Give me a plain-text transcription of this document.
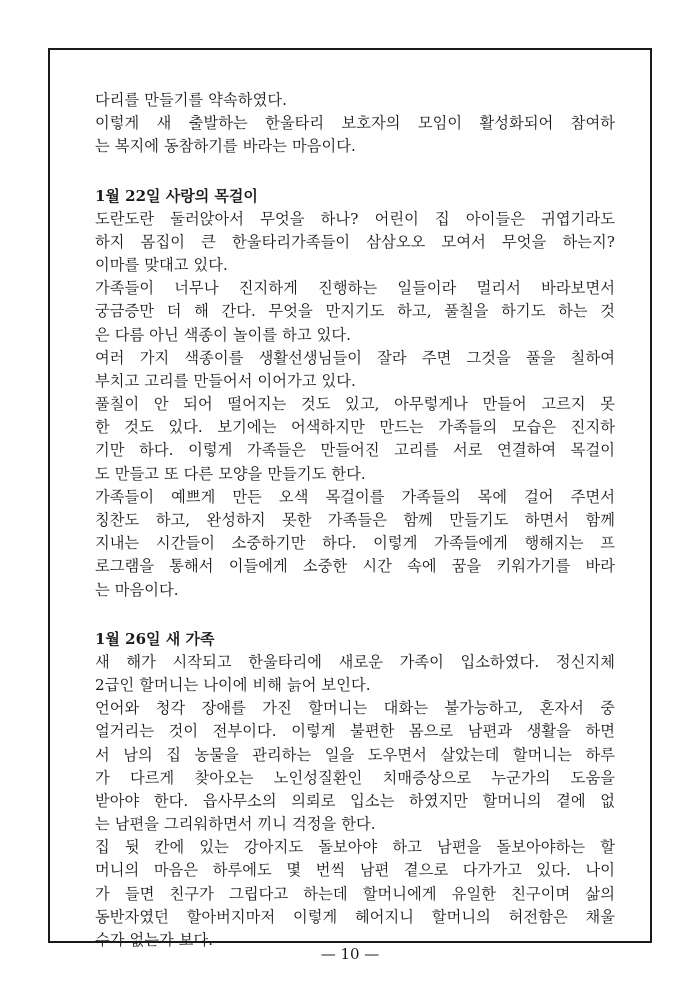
다리를 만들기를 약속하였다.
이렇게 새 출발하는 한울타리 보호자의 모임이 활성화되어 참여하
는 복지에 동참하기를 바라는 마음이다.
1월 22일 사랑의 목걸이
도란도란 둘러앉아서 무엇을 하나? 어린이 집 아이들은 귀엽기라도
하지 몸집이 큰 한울타리가족들이 삼삼오오 모여서 무엇을 하는지?
이마를 맞대고 있다.
가족들이 너무나 진지하게 진행하는 일들이라 멀리서 바라보면서
궁금증만 더 해 간다. 무엇을 만지기도 하고, 풀칠을 하기도 하는 것
은 다름 아닌 색종이 놀이를 하고 있다.
여러 가지 색종이를 생활선생님들이 잘라 주면 그것을 풀을 칠하여
부치고 고리를 만들어서 이어가고 있다.
풀칠이 안 되어 떨어지는 것도 있고, 아무렇게나 만들어 고르지 못
한 것도 있다. 보기에는 어색하지만 만드는 가족들의 모습은 진지하
기만 하다. 이렇게 가족들은 만들어진 고리를 서로 연결하여 목걸이
도 만들고 또 다른 모양을 만들기도 한다.
가족들이 예쁘게 만든 오색 목걸이를 가족들의 목에 걸어 주면서
칭찬도 하고, 완성하지 못한 가족들은 함께 만들기도 하면서 함께
지내는 시간들이 소중하기만 하다. 이렇게 가족들에게 행해지는 프
로그램을 통해서 이들에게 소중한 시간 속에 꿈을 키워가기를 바라
는 마음이다.
1월 26일 새 가족
새 해가 시작되고 한울타리에 새로운 가족이 입소하였다. 정신지체
2급인 할머니는 나이에 비해 늙어 보인다.
언어와 청각 장애를 가진 할머니는 대화는 불가능하고, 혼자서 중
얼거리는 것이 전부이다. 이렇게 불편한 몸으로 남편과 생활을 하면
서 남의 집 농물을 관리하는 일을 도우면서 살았는데 할머니는 하루
가 다르게 찾아오는 노인성질환인 치매증상으로 누군가의 도움을
받아야 한다. 읍사무소의 의뢰로 입소는 하였지만 할머니의 곁에 없
는 남편을 그리워하면서 끼니 걱정을 한다.
집 뒷 칸에 있는 강아지도 돌보아야 하고 남편을 돌보아야하는 할
머니의 마음은 하루에도 몇 번씩 남편 곁으로 다가가고 있다. 나이
가 들면 친구가 그립다고 하는데 할머니에게 유일한 친구이며 삶의
동반자였던 할아버지마저 이렇게 헤어지니 할머니의 허전함은 채울
수가 없는가 보다.
— 10 —
